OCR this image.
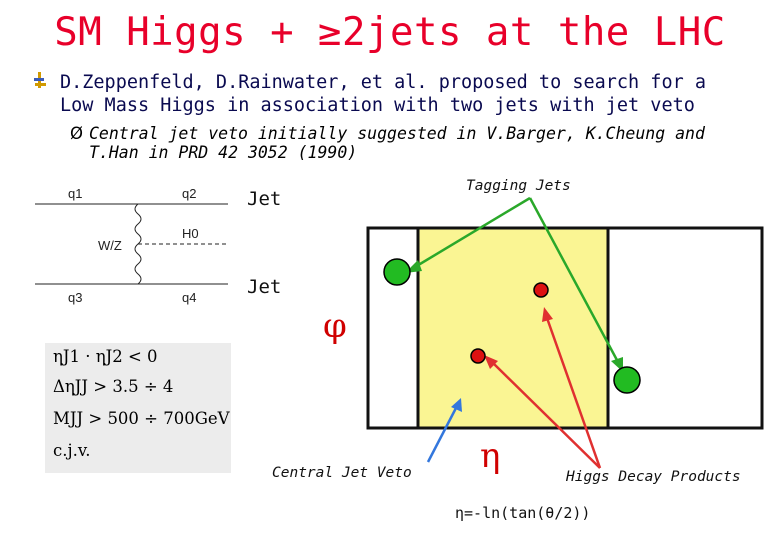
SM Higgs + ≥2jets at the LHC
D.Zeppenfeld, D.Rainwater, et al. proposed to search for a
Low Mass Higgs in association with two jets with jet veto
Ø Central jet veto initially suggested in V.Barger, K.Cheung and
T.Han in PRD 42 3052 (1990)
q1	q2
W/Z
H0
q3	q4
ηJ1 · ηJ2 < 0
ΔηJJ > 3.5 ÷ 4
MJJ > 500 ÷ 700GeV
c.j.v.
Jet
Jet
Tagging Jets
φ
η
Central Jet Veto	Higgs Decay Products
η=-ln(tan(θ/2))
